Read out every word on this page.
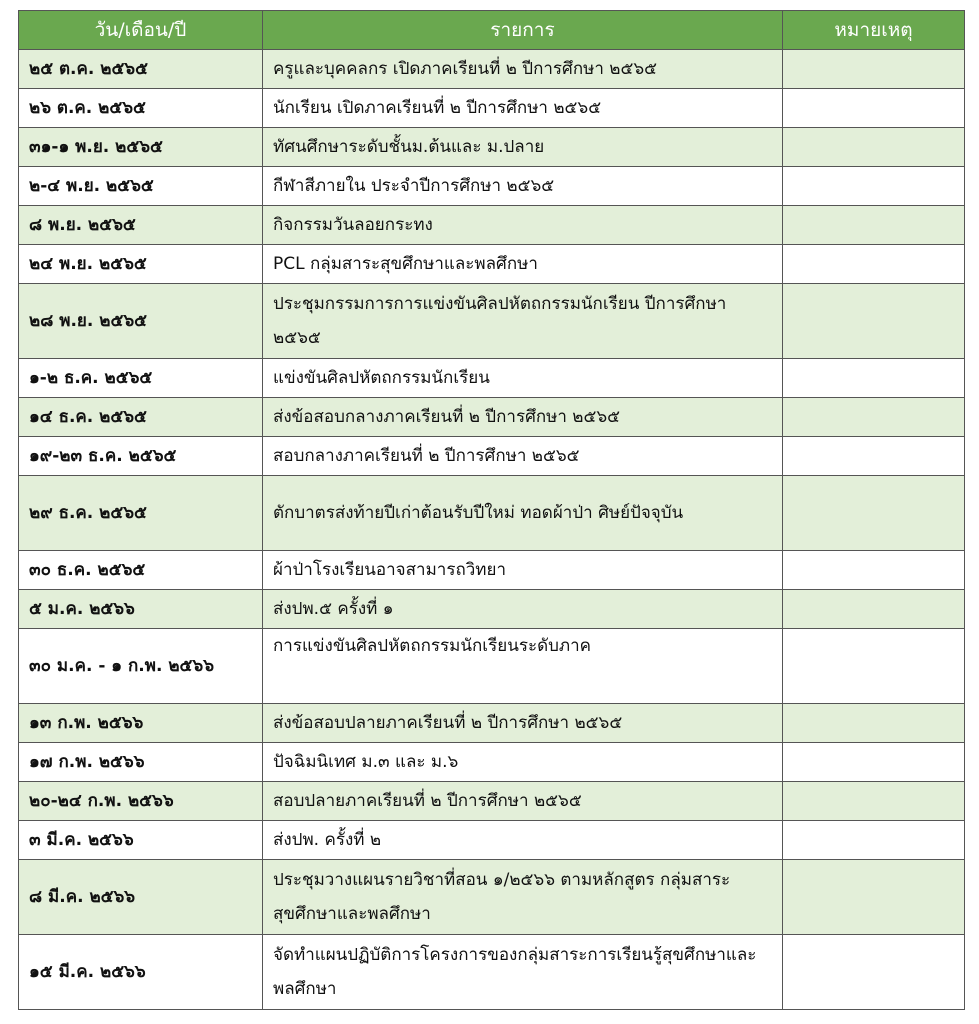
วัน/เดือน/ปี	รายการ	หมายเหตุ
๒๕ ต.ค. ๒๕๖๕	ครูและบุคคลกร เปิดภาคเรียนที่ ๒ ปีการศึกษา ๒๕๖๕	
๒๖ ต.ค. ๒๕๖๕	นักเรียน เปิดภาคเรียนที่ ๒ ปีการศึกษา ๒๕๖๕	
๓๑-๑ พ.ย. ๒๕๖๕	ทัศนศึกษาระดับชั้นม.ต้นและ ม.ปลาย	
๒-๔ พ.ย. ๒๕๖๕	กีฬาสีภายใน ประจำปีการศึกษา ๒๕๖๕	
๘ พ.ย. ๒๕๖๕	กิจกรรมวันลอยกระทง	
๒๔ พ.ย. ๒๕๖๕	PCL กลุ่มสาระสุขศึกษาและพลศึกษา	
๒๘ พ.ย. ๒๕๖๕	ประชุมกรรมการการแข่งขันศิลปหัตถกรรมนักเรียน ปีการศึกษา ๒๕๖๕	
๑-๒ ธ.ค. ๒๕๖๕	แข่งขันศิลปหัตถกรรมนักเรียน	
๑๔ ธ.ค. ๒๕๖๕	ส่งข้อสอบกลางภาคเรียนที่ ๒ ปีการศึกษา ๒๕๖๕	
๑๙-๒๓ ธ.ค. ๒๕๖๕	สอบกลางภาคเรียนที่ ๒ ปีการศึกษา ๒๕๖๕	
๒๙ ธ.ค. ๒๕๖๕	ตักบาตรส่งท้ายปีเก่าต้อนรับปีใหม่ ทอดผ้าป่า ศิษย์ปัจจุบัน	
๓๐ ธ.ค. ๒๕๖๕	ผ้าป่าโรงเรียนอาจสามารถวิทยา	
๕ ม.ค. ๒๕๖๖	ส่งปพ.๕ ครั้งที่ ๑	
๓๐ ม.ค. - ๑ ก.พ. ๒๕๖๖	การแข่งขันศิลปหัตถกรรมนักเรียนระดับภาค	
๑๓ ก.พ. ๒๕๖๖	ส่งข้อสอบปลายภาคเรียนที่ ๒ ปีการศึกษา ๒๕๖๕	
๑๗ ก.พ. ๒๕๖๖	ปัจฉิมนิเทศ ม.๓ และ ม.๖	
๒๐-๒๔ ก.พ. ๒๕๖๖	สอบปลายภาคเรียนที่ ๒ ปีการศึกษา ๒๕๖๕	
๓ มี.ค. ๒๕๖๖	ส่งปพ. ครั้งที่ ๒	
๘ มี.ค. ๒๕๖๖	ประชุมวางแผนรายวิชาที่สอน ๑/๒๕๖๖ ตามหลักสูตร กลุ่มสาระสุขศึกษาและพลศึกษา	
๑๕ มี.ค. ๒๕๖๖	จัดทำแผนปฏิบัติการโครงการของกลุ่มสาระการเรียนรู้สุขศึกษาและพลศึกษา	
